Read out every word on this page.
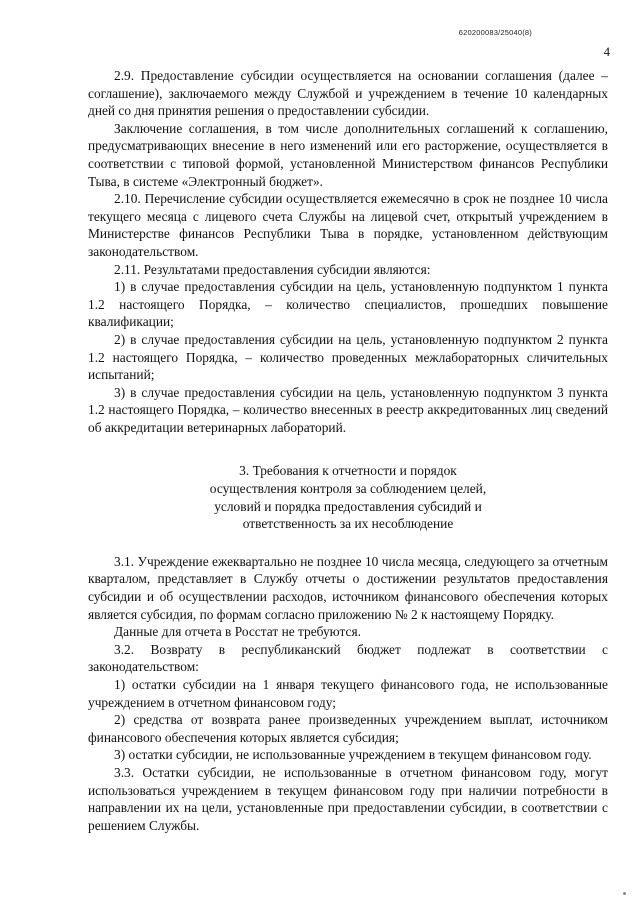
620200083/25040(8)
4

2.9. Предоставление субсидии осуществляется на основании соглашения (далее – соглашение), заключаемого между Службой и учреждением в течение 10 календарных дней со дня принятия решения о предоставлении субсидии.

Заключение соглашения, в том числе дополнительных соглашений к соглашению, предусматривающих внесение в него изменений или его расторжение, осуществляется в соответствии с типовой формой, установленной Министерством финансов Республики Тыва, в системе «Электронный бюджет».

2.10. Перечисление субсидии осуществляется ежемесячно в срок не позднее 10 числа текущего месяца с лицевого счета Службы на лицевой счет, открытый учреждением в Министерстве финансов Республики Тыва в порядке, установленном действующим законодательством.

2.11. Результатами предоставления субсидии являются:

1) в случае предоставления субсидии на цель, установленную подпунктом 1 пункта 1.2 настоящего Порядка, – количество специалистов, прошедших повышение квалификации;

2) в случае предоставления субсидии на цель, установленную подпунктом 2 пункта 1.2 настоящего Порядка, – количество проведенных межлабораторных сличительных испытаний;

3) в случае предоставления субсидии на цель, установленную подпунктом 3 пункта 1.2 настоящего Порядка, – количество внесенных в реестр аккредитованных лиц сведений об аккредитации ветеринарных лабораторий.

3. Требования к отчетности и порядок
осуществления контроля за соблюдением целей,
условий и порядка предоставления субсидий и
ответственность за их несоблюдение

3.1. Учреждение ежеквартально не позднее 10 числа месяца, следующего за отчетным кварталом, представляет в Службу отчеты о достижении результатов предоставления субсидии и об осуществлении расходов, источником финансового обеспечения которых является субсидия, по формам согласно приложению № 2 к настоящему Порядку.

Данные для отчета в Росстат не требуются.

3.2. Возврату в республиканский бюджет подлежат в соответствии с законодательством:

1) остатки субсидии на 1 января текущего финансового года, не использованные учреждением в отчетном финансовом году;

2) средства от возврата ранее произведенных учреждением выплат, источником финансового обеспечения которых является субсидия;

3) остатки субсидии, не использованные учреждением в текущем финансовом году.

3.3. Остатки субсидии, не использованные в отчетном финансовом году, могут использоваться учреждением в текущем финансовом году при наличии потребности в направлении их на цели, установленные при предоставлении субсидии, в соответствии с решением Службы.
